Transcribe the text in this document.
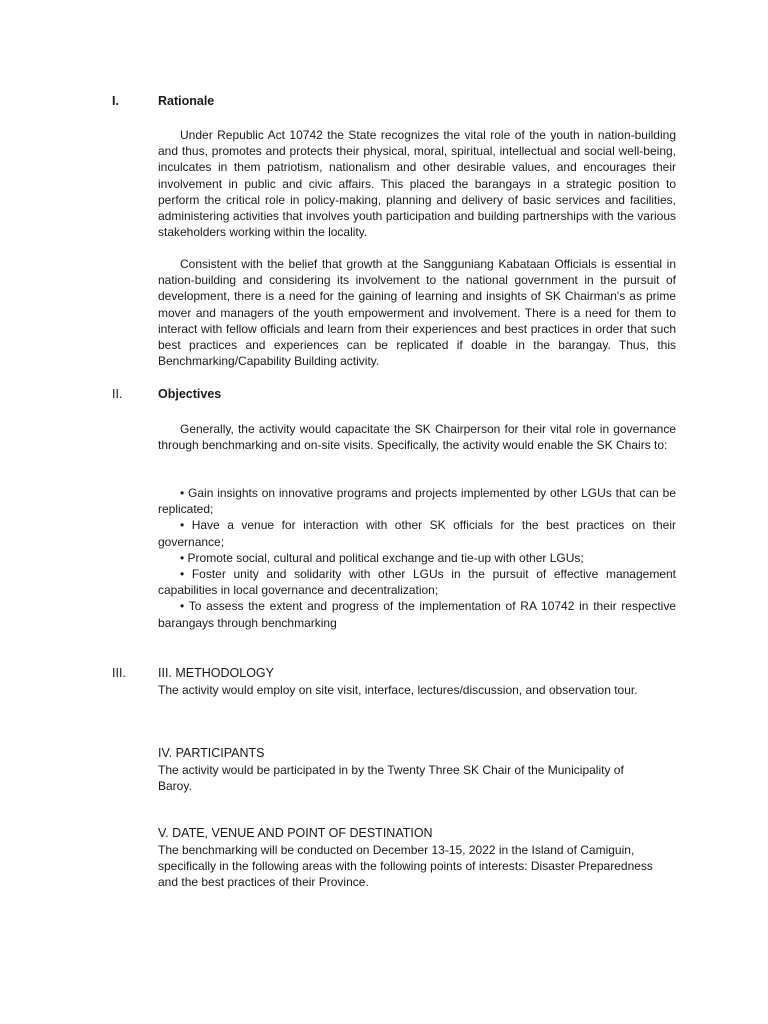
I.	Rationale

Under Republic Act 10742 the State recognizes the vital role of the youth in nation-building and thus, promotes and protects their physical, moral, spiritual, intellectual and social well-being, inculcates in them patriotism, nationalism and other desirable values, and encourages their involvement in public and civic affairs. This placed the barangays in a strategic position to perform the critical role in policy-making, planning and delivery of basic services and facilities, administering activities that involves youth participation and building partnerships with the various stakeholders working within the locality.

Consistent with the belief that growth at the Sangguniang Kabataan Officials is essential in nation-building and considering its involvement to the national government in the pursuit of development, there is a need for the gaining of learning and insights of SK Chairman's as prime mover and managers of the youth empowerment and involvement. There is a need for them to interact with fellow officials and learn from their experiences and best practices in order that such best practices and experiences can be replicated if doable in the barangay. Thus, this Benchmarking/Capability Building activity.

II.	Objectives

Generally, the activity would capacitate the SK Chairperson for their vital role in governance through benchmarking and on-site visits. Specifically, the activity would enable the SK Chairs to:

• Gain insights on innovative programs and projects implemented by other LGUs that can be replicated;

• Have a venue for interaction with other SK officials for the best practices on their governance;

• Promote social, cultural and political exchange and tie-up with other LGUs;

• Foster unity and solidarity with other LGUs in the pursuit of effective management capabilities in local governance and decentralization;

• To assess the extent and progress of the implementation of RA 10742 in their respective barangays through benchmarking

III.	III. METHODOLOGY

The activity would employ on site visit, interface, lectures/discussion, and observation tour.

IV. PARTICIPANTS

The activity would be participated in by the Twenty Three SK Chair of the Municipality of Baroy.

V. DATE, VENUE AND POINT OF DESTINATION
The benchmarking will be conducted on December 13-15, 2022 in the Island of Camiguin,
specifically in the following areas with the following points of interests: Disaster Preparedness
and the best practices of their Province.
